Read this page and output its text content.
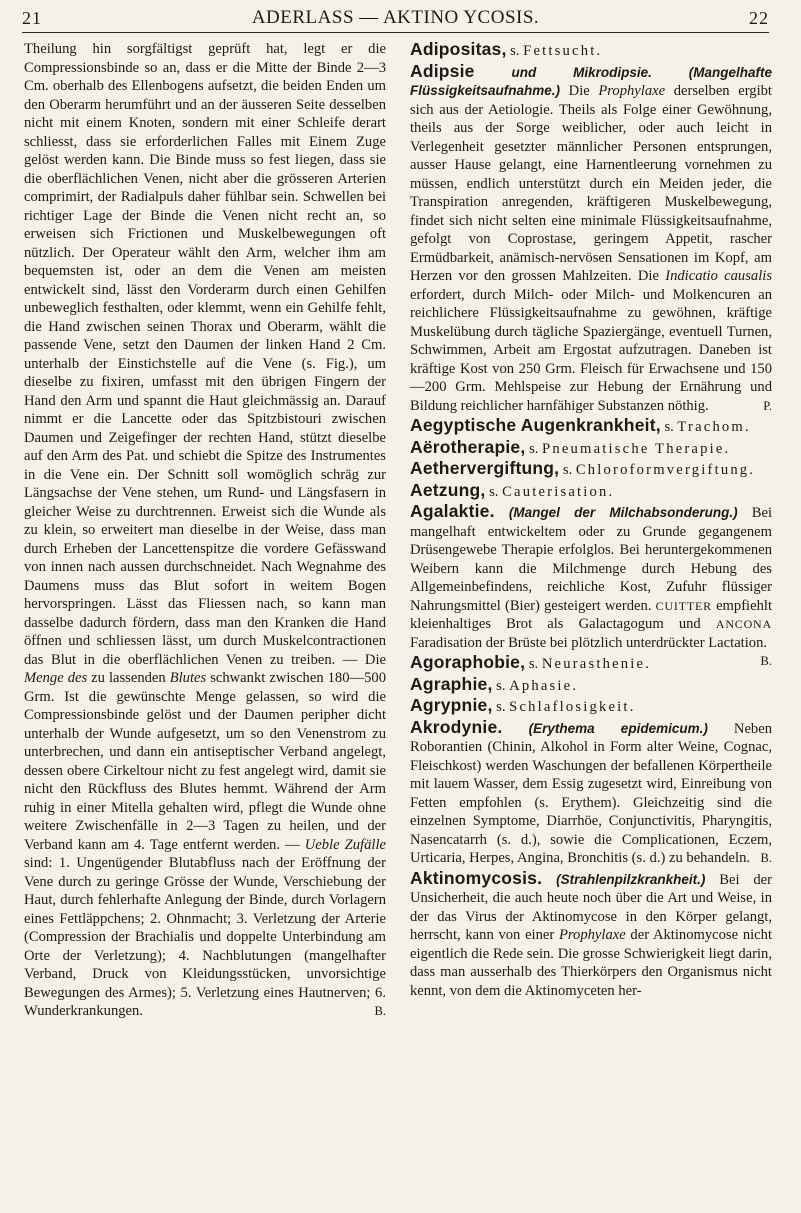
21	ADERLASS — AKTINO YCOSIS.	22

Theilung hin sorgfältigst geprüft hat, legt er die Compressionsbinde so an, dass er die Mitte der Binde 2—3 Cm. oberhalb des Ellenbogens aufsetzt, die beiden Enden um den Oberarm herumführt und an der äusseren Seite desselben nicht mit einem Knoten, sondern mit einer Schleife derart schliesst, dass sie erforderlichen Falles mit Einem Zuge gelöst werden kann. Die Binde muss so fest liegen, dass sie die oberflächlichen Venen, nicht aber die grösseren Arterien comprimirt, der Radialpuls daher fühlbar sein. Schwellen bei richtiger Lage der Binde die Venen nicht recht an, so erweisen sich Frictionen und Muskelbewegungen oft nützlich. Der Operateur wählt den Arm, welcher ihm am bequemsten ist, oder an dem die Venen am meisten entwickelt sind, lässt den Vorderarm durch einen Gehilfen unbeweglich festhalten, oder klemmt, wenn ein Gehilfe fehlt, die Hand zwischen seinen Thorax und Oberarm, wählt die passende Vene, setzt den Daumen der linken Hand 2 Cm. unterhalb der Einstichstelle auf die Vene (s. Fig.), um dieselbe zu fixiren, umfasst mit den übrigen Fingern der Hand den Arm und spannt die Haut gleichmässig an. Darauf nimmt er die Lancette oder das Spitzbistouri zwischen Daumen und Zeigefinger der rechten Hand, stützt dieselbe auf den Arm des Pat. und schiebt die Spitze des Instrumentes in die Vene ein. Der Schnitt soll womöglich schräg zur Längsachse der Vene stehen, um Rund- und Längsfasern in gleicher Weise zu durchtrennen. Erweist sich die Wunde als zu klein, so erweitert man dieselbe in der Weise, dass man durch Erheben der Lancettenspitze die vordere Gefässwand von innen nach aussen durchschneidet. Nach Wegnahme des Daumens muss das Blut sofort in weitem Bogen hervorspringen. Lässt das Fliessen nach, so kann man dasselbe dadurch fördern, dass man den Kranken die Hand öffnen und schliessen lässt, um durch Muskelcontractionen das Blut in die oberflächlichen Venen zu treiben. — Die Menge des zu lassenden Blutes schwankt zwischen 180—500 Grm. Ist die gewünschte Menge gelassen, so wird die Compressionsbinde gelöst und der Daumen peripher dicht unterhalb der Wunde aufgesetzt, um so den Venenstrom zu unterbrechen, und dann ein antiseptischer Verband angelegt, dessen obere Cirkeltour nicht zu fest angelegt wird, damit sie nicht den Rückfluss des Blutes hemmt. Während der Arm ruhig in einer Mitella gehalten wird, pflegt die Wunde ohne weitere Zwischenfälle in 2—3 Tagen zu heilen, und der Verband kann am 4. Tage entfernt werden. — Ueble Zufälle sind: 1. Ungenügender Blutabfluss nach der Eröffnung der Vene durch zu geringe Grösse der Wunde, Verschiebung der Haut, durch fehlerhafte Anlegung der Binde, durch Vorlagern eines Fettläppchens; 2. Ohnmacht; 3. Verletzung der Arterie (Compression der Brachialis und doppelte Unterbindung am Orte der Verletzung); 4. Nachblutungen (mangelhafter Verband, Druck von Kleidungsstücken, unvorsichtige Bewegungen des Armes); 5. Verletzung eines Hautnerven; 6. Wunderkrankungen.	B.

Adipositas, s. Fettsucht.

Adipsie und Mikrodipsie. (Mangelhafte Flüssigkeitsaufnahme.) Die Prophylaxe derselben ergibt sich aus der Aetiologie. Theils als Folge einer Gewöhnung, theils aus der Sorge weiblicher, oder auch leicht in Verlegenheit gesetzter männlicher Personen entsprungen, ausser Hause gelangt, eine Harnentleerung vornehmen zu müssen, endlich unterstützt durch ein Meiden jeder, die Transpiration anregenden, kräftigeren Muskelbewegung, findet sich nicht selten eine minimale Flüssigkeitsaufnahme, gefolgt von Coprostase, geringem Appetit, rascher Ermüdbarkeit, anämisch-nervösen Sensationen im Kopf, am Herzen vor den grossen Mahlzeiten. Die Indicatio causalis erfordert, durch Milch- oder Milch- und Molkencuren an reichlichere Flüssigkeitsaufnahme zu gewöhnen, kräftige Muskelübung durch tägliche Spaziergänge, eventuell Turnen, Schwimmen, Arbeit am Ergostat aufzutragen. Daneben ist kräftige Kost von 250 Grm. Fleisch für Erwachsene und 150—200 Grm. Mehlspeise zur Hebung der Ernährung und Bildung reichlicher harnfähiger Substanzen nöthig.	P.

Aegyptische Augenkrankheit, s. Trachom.

Aërotherapie, s. Pneumatische Therapie.

Aethervergiftung, s. Chloroformvergiftung.

Aetzung, s. Cauterisation.

Agalaktie. (Mangel der Milchabsonderung.) Bei mangelhaft entwickeltem oder zu Grunde gegangenem Drüsengewebe Therapie erfolglos. Bei heruntergekommenen Weibern kann die Milchmenge durch Hebung des Allgemeinbefindens, reichliche Kost, Zufuhr flüssiger Nahrungsmittel (Bier) gesteigert werden. CUITTER empfiehlt kleienhaltiges Brot als Galactagogum und ANCONA Faradisation der Brüste bei plötzlich unterdrückter Lactation.
B.

Agoraphobie, s. Neurasthenie.

Agraphie, s. Aphasie.

Agrypnie, s. Schlaflosigkeit.

Akrodynie. (Erythema epidemicum.) Neben Roborantien (Chinin, Alkohol in Form alter Weine, Cognac, Fleischkost) werden Waschungen der befallenen Körpertheile mit lauem Wasser, dem Essig zugesetzt wird, Einreibung von Fetten empfohlen (s. Erythem). Gleichzeitig sind die einzelnen Symptome, Diarrhöe, Conjunctivitis, Pharyngitis, Nasencatarrh (s. d.), sowie die Complicationen, Eczem, Urticaria, Herpes, Angina, Bronchitis (s. d.) zu behandeln. B.

Aktinomycosis. (Strahlenpilzkrankheit.) Bei der Unsicherheit, die auch heute noch über die Art und Weise, in der das Virus der Aktinomycose in den Körper gelangt, herrscht, kann von einer Prophylaxe der Aktinomycose nicht eigentlich die Rede sein. Die grosse Schwierigkeit liegt darin, dass man ausserhalb des Thierkörpers den Organismus nicht kennt, von dem die Aktinomyceten her-
